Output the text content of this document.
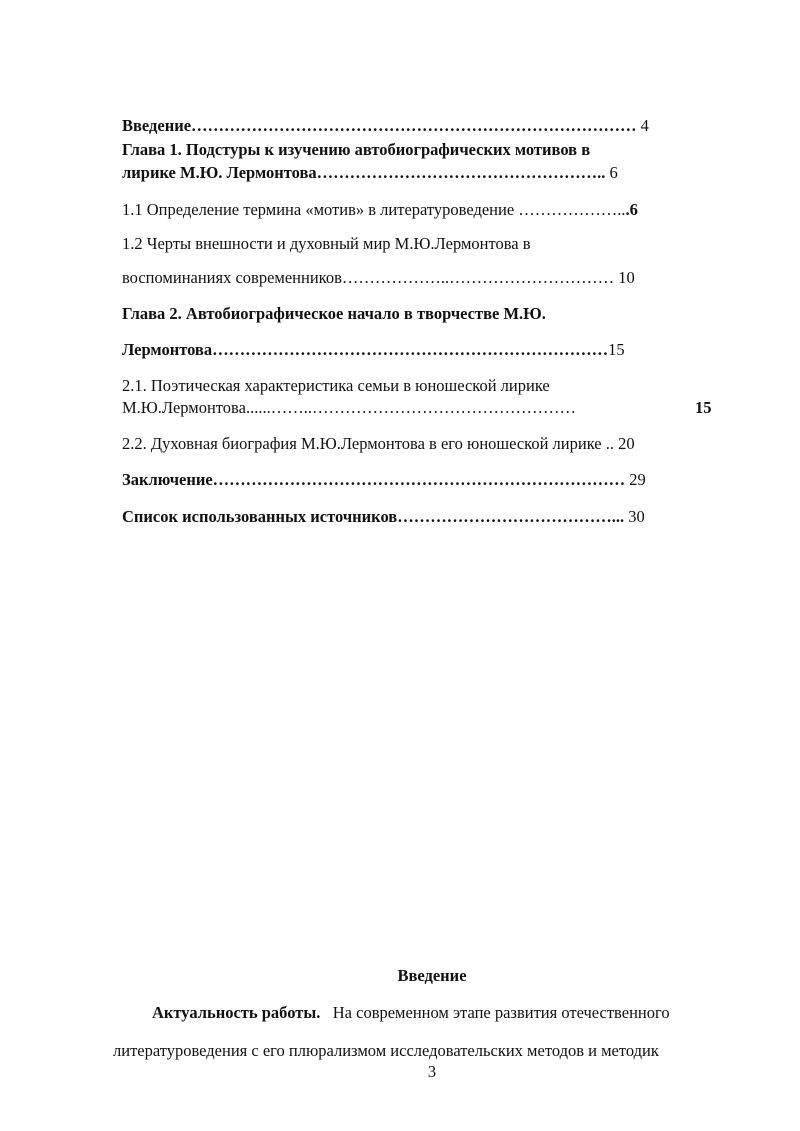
Введение……………………………………………………………………… 4
Глава 1. Подстуры к изучению автобиографических мотивов в
лирике М.Ю. Лермонтова…………………………………………….. 6
1.1 Определение термина «мотив» в литературоведение ………………...6
1.2 Черты внешности и духовный мир М.Ю.Лермонтова в
воспоминаниях современников………………..………………………… 10
Глава 2. Автобиографическое начало в творчестве М.Ю.
Лермонтова………………………………………………………………15
2.1. Поэтическая характеристика семьи в юношеской лирике
М.Ю.Лермонтова......……..…………………………………………	15
2.2. Духовная биография М.Ю.Лермонтова в его юношеской лирике .. 20
Заключение………………………………………………………………… 29
Список использованных источников…………………………………... 30
Введение
Актуальность работы. На современном этапе развития отечественного
литературоведения с его плюрализмом исследовательских методов и методик
3
